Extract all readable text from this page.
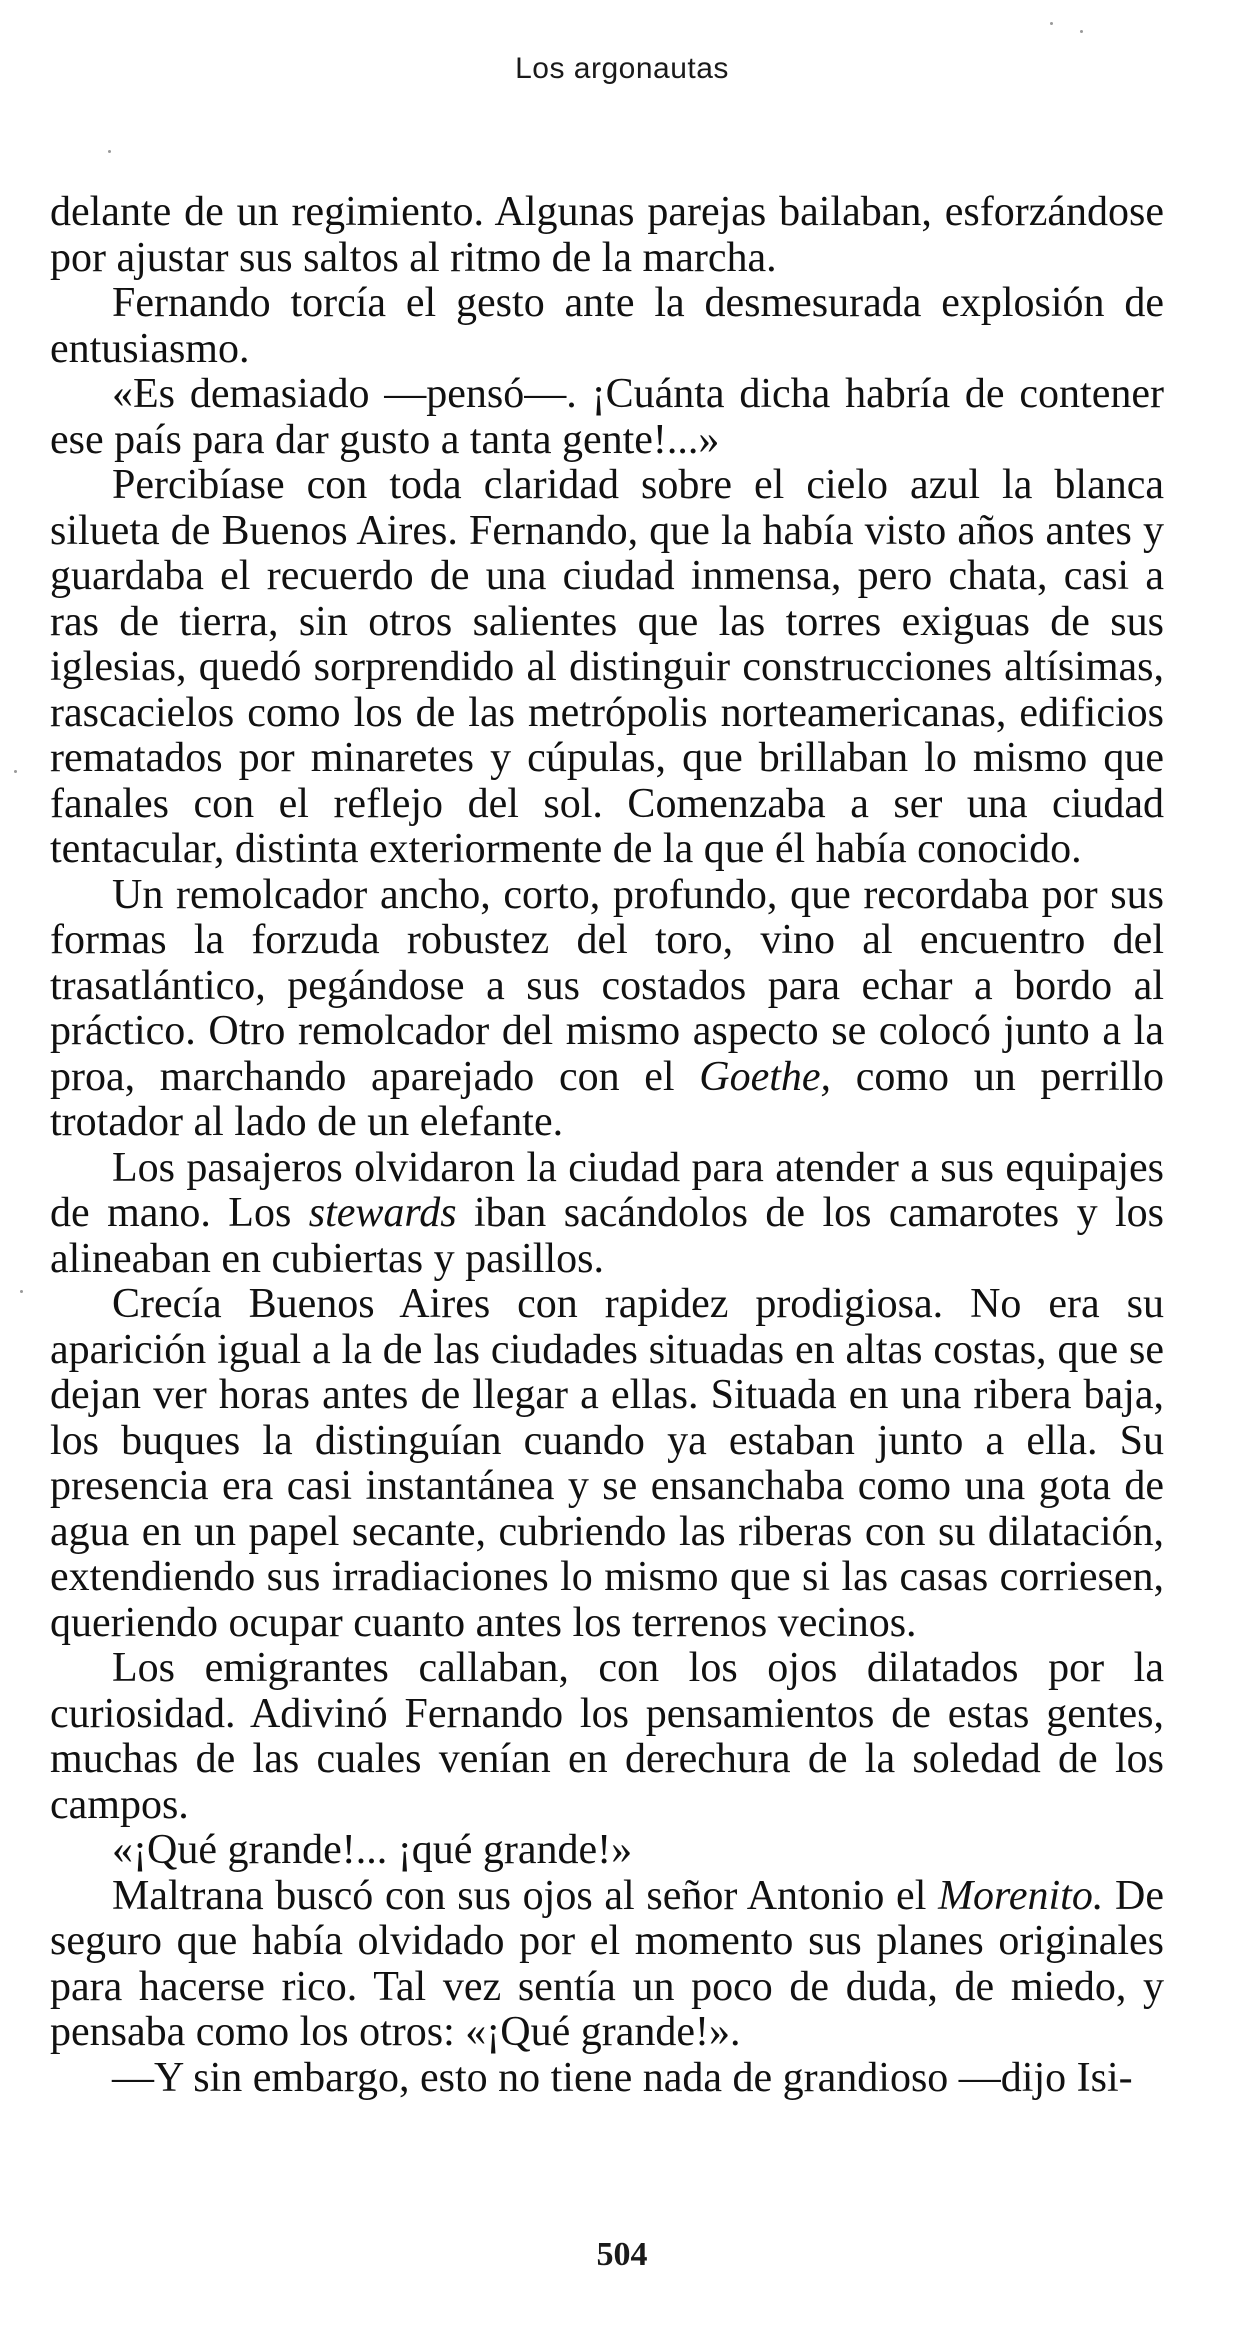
Los argonautas

delante de un regimiento. Algunas parejas bailaban, esforzándose por ajustar sus saltos al ritmo de la marcha.

Fernando torcía el gesto ante la desmesurada explosión de entusiasmo.

«Es demasiado —pensó—. ¡Cuánta dicha habría de contener ese país para dar gusto a tanta gente!...»

Percibíase con toda claridad sobre el cielo azul la blanca silueta de Buenos Aires. Fernando, que la había visto años antes y guardaba el recuerdo de una ciudad inmensa, pero chata, casi a ras de tierra, sin otros salientes que las torres exiguas de sus iglesias, quedó sorprendido al distinguir construcciones altísimas, rascacielos como los de las metrópolis norteamericanas, edificios rematados por minaretes y cúpulas, que brillaban lo mismo que fanales con el reflejo del sol. Comenzaba a ser una ciudad tentacular, distinta exteriormente de la que él había conocido.

Un remolcador ancho, corto, profundo, que recordaba por sus formas la forzuda robustez del toro, vino al encuentro del trasatlántico, pegándose a sus costados para echar a bordo al práctico. Otro remolcador del mismo aspecto se colocó junto a la proa, marchando aparejado con el Goethe, como un perrillo trotador al lado de un elefante.

Los pasajeros olvidaron la ciudad para atender a sus equipajes de mano. Los stewards iban sacándolos de los camarotes y los alineaban en cubiertas y pasillos.

Crecía Buenos Aires con rapidez prodigiosa. No era su aparición igual a la de las ciudades situadas en altas costas, que se dejan ver horas antes de llegar a ellas. Situada en una ribera baja, los buques la distinguían cuando ya estaban junto a ella. Su presencia era casi instantánea y se ensanchaba como una gota de agua en un papel secante, cubriendo las riberas con su dilatación, extendiendo sus irradiaciones lo mismo que si las casas corriesen, queriendo ocupar cuanto antes los terrenos vecinos.

Los emigrantes callaban, con los ojos dilatados por la curiosidad. Adivinó Fernando los pensamientos de estas gentes, muchas de las cuales venían en derechura de la soledad de los campos.

«¡Qué grande!... ¡qué grande!»

Maltrana buscó con sus ojos al señor Antonio el Morenito. De seguro que había olvidado por el momento sus planes originales para hacerse rico. Tal vez sentía un poco de duda, de miedo, y pensaba como los otros: «¡Qué grande!».

—Y sin embargo, esto no tiene nada de grandioso —dijo Isi-

504
